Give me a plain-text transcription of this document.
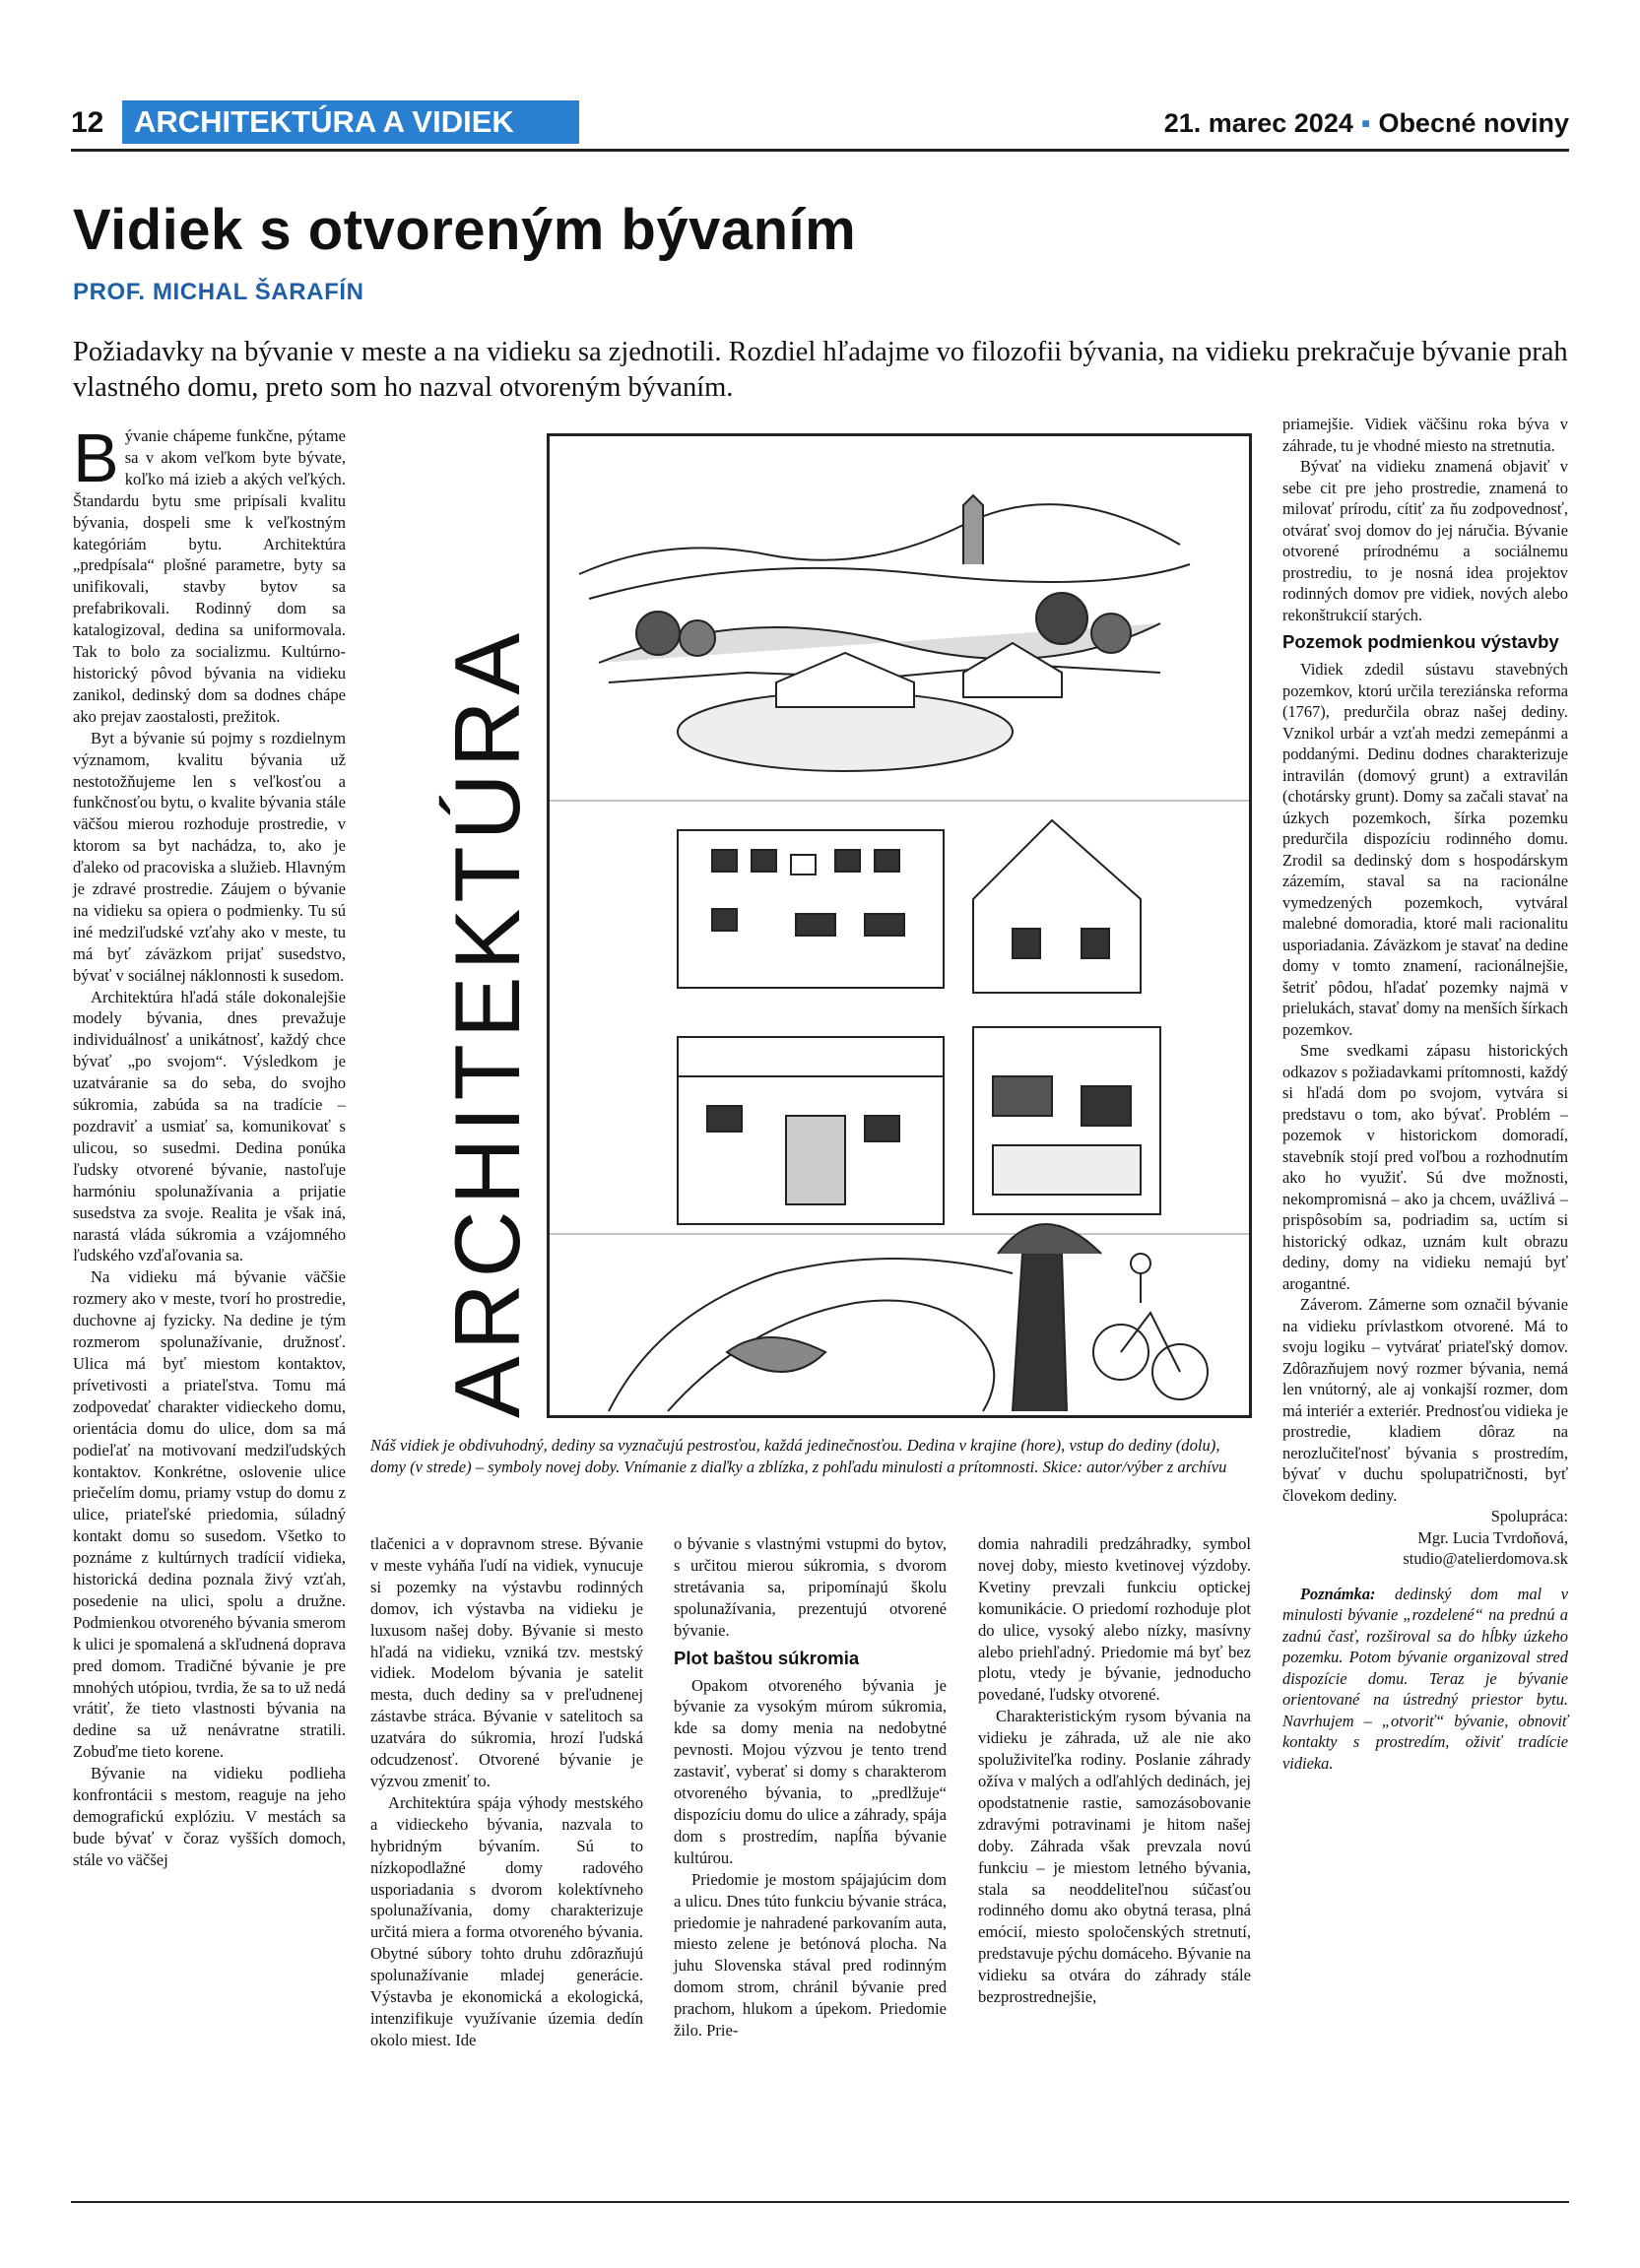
12 ARCHITEKTÚRA A VIDIEK	21. marec 2024 ▪ Obecné noviny
Vidiek s otvoreným bývaním
PROF. MICHAL ŠARAFÍN
Požiadavky na bývanie v meste a na vidieku sa zjednotili. Rozdiel hľadajme vo filozofii bývania, na vidieku prekračuje bývanie prah vlastného domu, preto som ho nazval otvoreným bývaním.

Bývanie chápeme funkčne, pýtame sa v akom veľkom byte bývate, koľko má izieb a akých veľkých. Štandardu bytu sme pripísali kvalitu bývania, dospeli sme k veľkostným kategóriám bytu. Architektúra „predpísala“ plošné parametre, byty sa unifikovali, stavby bytov sa prefabrikovali. Rodinný dom sa katalogizoval, dedina sa uniformovala. Tak to bolo za socializmu. Kultúrno-historický pôvod bývania na vidieku zanikol, dedinský dom sa dodnes chápe ako prejav zaostalosti, prežitok.

Byt a bývanie sú pojmy s rozdielnym významom, kvalitu bývania už nestotožňujeme len s veľkosťou a funkčnosťou bytu, o kvalite bývania stále väčšou mierou rozhoduje prostredie, v ktorom sa byt nachádza, to, ako je ďaleko od pracoviska a služieb. Hlavným je zdravé prostredie. Záujem o bývanie na vidieku sa opiera o podmienky. Tu sú iné medziľudské vzťahy ako v meste, tu má byť záväzkom prijať susedstvo, bývať v sociálnej náklonnosti k susedom.

Architektúra hľadá stále dokonalejšie modely bývania, dnes prevažuje individuálnosť a unikátnosť, každý chce bývať „po svojom“. Výsledkom je uzatváranie sa do seba, do svojho súkromia, zabúda sa na tradície – pozdraviť a usmiať sa, komunikovať s ulicou, so susedmi. Dedina ponúka ľudsky otvorené bývanie, nastoľuje harmóniu spolunažívania a prijatie susedstva za svoje. Realita je však iná, narastá vláda súkromia a vzájomného ľudského vzďaľovania sa.

Na vidieku má bývanie väčšie rozmery ako v meste, tvorí ho prostredie, duchovne aj fyzicky. Na dedine je tým rozmerom spolunažívanie, družnosť. Ulica má byť miestom kontaktov, prívetivosti a priateľstva. Tomu má zodpovedať charakter vidieckeho domu, orientácia domu do ulice, dom sa má podieľať na motivovaní medziľudských kontaktov. Konkrétne, oslovenie ulice priečelím domu, priamy vstup do domu z ulice, priateľské priedomia, súladný kontakt domu so susedom. Všetko to poznáme z kultúrnych tradícií vidieka, historická dedina poznala živý vzťah, posedenie na ulici, spolu a družne. Podmienkou otvoreného bývania smerom k ulici je spomalená a skľudnená doprava pred domom. Tradičné bývanie je pre mnohých utópiou, tvrdia, že sa to už nedá vrátiť, že tieto vlastnosti bývania na dedine sa už nenávratne stratili. Zobuďme tieto korene.

Bývanie na vidieku podlieha konfrontácii s mestom, reaguje na jeho demografickú explóziu. V mestách sa bude bývať v čoraz vyšších domoch, stále vo väčšej

ARCHITEKTÚRA
Náš vidiek je obdivuhodný, dediny sa vyznačujú pestrosťou, každá jedinečnosťou. Dedina v krajine (hore), vstup do dediny (dolu), domy (v strede) – symboly novej doby. Vnímanie z diaľky a zblízka, z pohľadu minulosti a prítomnosti. Skice: autor/výber z archívu

tlačenici a v dopravnom strese. Bývanie v meste vyháňa ľudí na vidiek, vynucuje si pozemky na výstavbu rodinných domov, ich výstavba na vidieku je luxusom našej doby. Bývanie si mesto hľadá na vidieku, vzniká tzv. mestský vidiek. Modelom bývania je satelit mesta, duch dediny sa v preľudnenej zástavbe stráca. Bývanie v satelitoch sa uzatvára do súkromia, hrozí ľudská odcudzenosť. Otvorené bývanie je výzvou zmeniť to.

Architektúra spája výhody mestského a vidieckeho bývania, nazvala to hybridným bývaním. Sú to nízkopodlažné domy radového usporiadania s dvorom kolektívneho spolunažívania, domy charakterizuje určitá miera a forma otvoreného bývania. Obytné súbory tohto druhu zdôrazňujú spolunažívanie mladej generácie. Výstavba je ekonomická a ekologická, intenzifikuje využívanie územia dedín okolo miest. Ide

o bývanie s vlastnými vstupmi do bytov, s určitou mierou súkromia, s dvorom stretávania sa, pripomínajú školu spolunažívania, prezentujú otvorené bývanie.

Plot baštou súkromia

Opakom otvoreného bývania je bývanie za vysokým múrom súkromia, kde sa domy menia na nedobytné pevnosti. Mojou výzvou je tento trend zastaviť, vyberať si domy s charakterom otvoreného bývania, to „predlžuje“ dispozíciu domu do ulice a záhrady, spája dom s prostredím, napĺňa bývanie kultúrou.

Priedomie je mostom spájajúcim dom a ulicu. Dnes túto funkciu bývanie stráca, priedomie je nahradené parkovaním auta, miesto zelene je betónová plocha. Na juhu Slovenska stával pred rodinným domom strom, chránil bývanie pred prachom, hlukom a úpekom. Priedomie žilo. Prie-

domia nahradili predzáhradky, symbol novej doby, miesto kvetinovej výzdoby. Kvetiny prevzali funkciu optickej komunikácie. O priedomí rozhoduje plot do ulice, vysoký alebo nízky, masívny alebo priehľadný. Priedomie má byť bez plotu, vtedy je bývanie, jednoducho povedané, ľudsky otvorené.

Charakteristickým rysom bývania na vidieku je záhrada, už ale nie ako spoluživiteľka rodiny. Poslanie záhrady ožíva v malých a odľahlých dedinách, jej opodstatnenie rastie, samozásobovanie zdravými potravinami je hitom našej doby. Záhrada však prevzala novú funkciu – je miestom letného bývania, stala sa neoddeliteľnou súčasťou rodinného domu ako obytná terasa, plná emócií, miesto spoločenských stretnutí, predstavuje pýchu domáceho. Bývanie na vidieku sa otvára do záhrady stále bezprostrednejšie,

priamejšie. Vidiek väčšinu roka býva v záhrade, tu je vhodné miesto na stretnutia.

Bývať na vidieku znamená objaviť v sebe cit pre jeho prostredie, znamená to milovať prírodu, cítiť za ňu zodpovednosť, otvárať svoj domov do jej náručia. Bývanie otvorené prírodnému a sociálnemu prostrediu, to je nosná idea projektov rodinných domov pre vidiek, nových alebo rekonštrukcií starých.

Pozemok podmienkou výstavby

Vidiek zdedil sústavu stavebných pozemkov, ktorú určila tereziánska reforma (1767), predurčila obraz našej dediny. Vznikol urbár a vzťah medzi zemepánmi a poddanými. Dedinu dodnes charakterizuje intravilán (domový grunt) a extravilán (chotársky grunt). Domy sa začali stavať na úzkych pozemkoch, šírka pozemku predurčila dispozíciu rodinného domu. Zrodil sa dedinský dom s hospodárskym zázemím, staval sa na racionálne vymedzených pozemkoch, vytváral malebné domoradia, ktoré mali racionalitu usporiadania. Záväzkom je stavať na dedine domy v tomto znamení, racionálnejšie, šetriť pôdou, hľadať pozemky najmä v prielukách, stavať domy na menších šírkach pozemkov.

Sme svedkami zápasu historických odkazov s požiadavkami prítomnosti, každý si hľadá dom po svojom, vytvára si predstavu o tom, ako bývať. Problém – pozemok v historickom domoradí, stavebník stojí pred voľbou a rozhodnutím ako ho využiť. Sú dve možnosti, nekompromisná – ako ja chcem, uvážlivá – prispôsobím sa, podriadim sa, uctím si historický odkaz, uznám kult obrazu dediny, domy na vidieku nemajú byť arogantné.

Záverom. Zámerne som označil bývanie na vidieku prívlastkom otvorené. Má to svoju logiku – vytvárať priateľský domov. Zdôrazňujem nový rozmer bývania, nemá len vnútorný, ale aj vonkajší rozmer, dom má interiér a exteriér. Prednosťou vidieka je prostredie, kladiem dôraz na nerozlučiteľnosť bývania s prostredím, bývať v duchu spolupatričnosti, byť človekom dediny.

Spolupráca:

Mgr. Lucia Tvrdoňová,

studio@atelierdomova.sk

Poznámka: dedinský dom mal v minulosti bývanie „rozdelené“ na prednú a zadnú časť, rozširoval sa do hĺbky úzkeho pozemku. Potom bývanie organizoval stred dispozície domu. Teraz je bývanie orientované na ústredný priestor bytu. Navrhujem – „otvoriť“ bývanie, obnoviť kontakty s prostredím, oživiť tradície vidieka.
